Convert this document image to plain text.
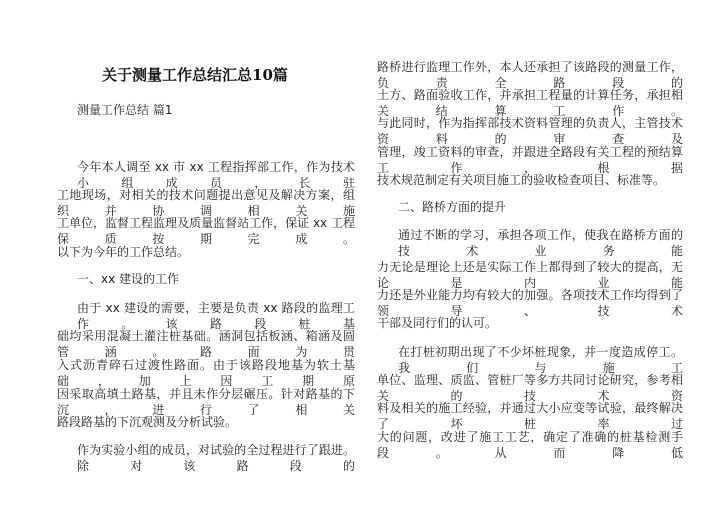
关于测量工作总结汇总10篇
测量工作总结 篇1
今年本人调至 xx 市 xx 工程指挥部工作，作为技术小组成员，长驻
工地现场，对相关的技术问题提出意见及解决方案，组织并协调相关施
工单位，监督工程监理及质量监督站工作，保证 xx 工程保质按期完成。
以下为今年的工作总结。
一、xx 建设的工作
由于 xx 建设的需要，主要是负责 xx 路段的监理工作。该路段桩基
础均采用混凝土灌注桩基础。涵洞包括板涵、箱涵及圆管涵。路面为贯
入式沥青碎石过渡性路面。由于该路段地基为软土基础，加上因工期原
因采取高填土路基，并且未作分层碾压。针对路基的下沉，进行了相关
路段路基的下沉观测及分析试验。
作为实验小组的成员，对试验的全过程进行了跟进。除对该路段的
路桥进行监理工作外，本人还承担了该路段的测量工作，负责全路段的
土方、路面验收工作，并承担工程量的计算任务，承担相关结算工作。
与此同时，作为指挥部技术资料管理的负责人，主管技术资料的审查及
管理，竣工资料的审查，并跟进全路段有关工程的预结算工作，根据
技术规范制定有关项目施工的验收检查项目、标准等。
二、路桥方面的提升
通过不断的学习，承担各项工作，使我在路桥方面的技术业务能
力无论是理论上还是实际工作上都得到了较大的提高，无论是内业能
力还是外业能力均有较大的加强。各项技术工作均得到了领导、技术
干部及同行们的认可。
在打桩初期出现了不少坏桩现象，并一度造成停工。我们与施工
单位、监理、质监、管桩厂等多方共同讨论研究，参考相关的技术资
料及相关的施工经验，并通过大小应变等试验，最终解决了坏桩率过
大的问题，改进了施工工艺，确定了准确的桩基检测手段。从而降低
